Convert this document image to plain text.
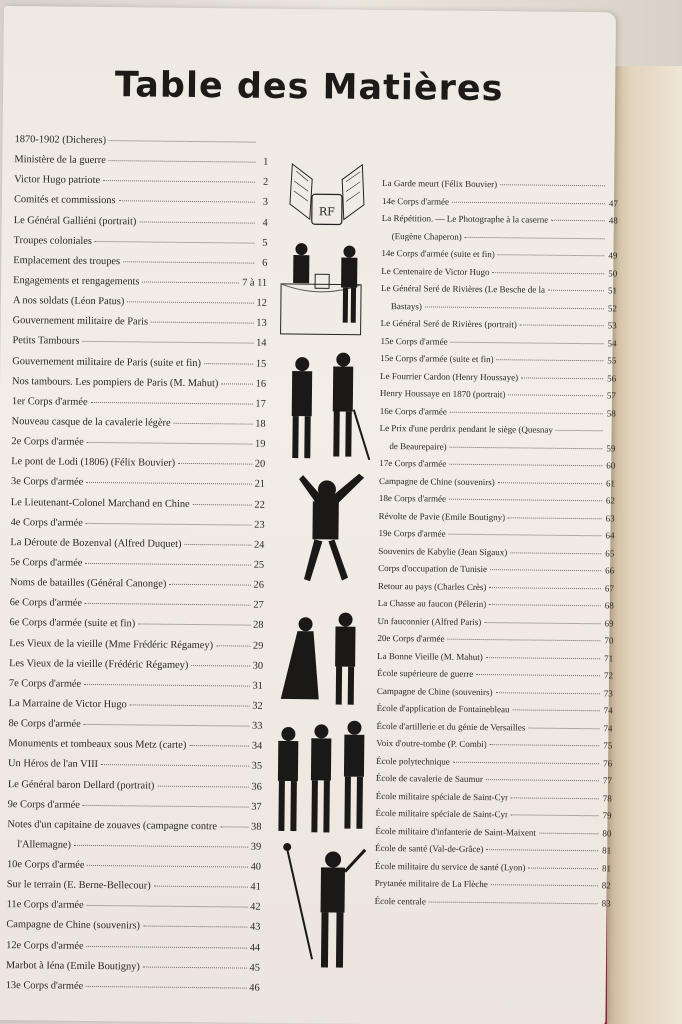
Table des Matières
1870-1902 (Dicheres)
Ministère de la guerre	1
Victor Hugo patriote	2
Comités et commissions	3
Le Général Galliéni (portrait)	4
Troupes coloniales	5
Emplacement des troupes	6
Engagements et rengagements	7 à 11
A nos soldats (Léon Patus)	12
Gouvernement militaire de Paris	13
Petits Tambours	14
Gouvernement militaire de Paris (suite et fin)	15
Nos tambours. Les pompiers de Paris (M. Mahut)	16
1er Corps d'armée	17
Nouveau casque de la cavalerie légère	18
2e Corps d'armée	19
Le pont de Lodi (1806) (Félix Bouvier)	20
3e Corps d'armée	21
Le Lieutenant-Colonel Marchand en Chine	22
4e Corps d'armée	23
La Déroute de Bozenval (Alfred Duquet)	24
5e Corps d'armée	25
Noms de batailles (Général Canonge)	26
6e Corps d'armée	27
6e Corps d'armée (suite et fin)	28
Les Vieux de la vieille (Mme Frédéric Régamey)	29
Les Vieux de la vieille (Frédéric Régamey)	30
7e Corps d'armée	31
La Marraine de Victor Hugo	32
8e Corps d'armée	33
Monuments et tombeaux sous Metz (carte)	34
Un Héros de l'an VIII	35
Le Général baron Dellard (portrait)	36
9e Corps d'armée	37
Notes d'un capitaine de zouaves (campagne contre	38
l'Allemagne)	39
10e Corps d'armée	40
Sur le terrain (E. Berne-Bellecour)	41
11e Corps d'armée	42
Campagne de Chine (souvenirs)	43
12e Corps d'armée	44
Marbot à Iéna (Emile Boutigny)	45
13e Corps d'armée	46
La Garde meurt (Félix Bouvier)
14e Corps d'armée	47
La Répétition. — Le Photographe à la caserne	48
(Eugène Chaperon)
14e Corps d'armée (suite et fin)	49
Le Centenaire de Victor Hugo	50
Le Général Seré de Rivières (Le Besche de la	51
Bastays)	52
Le Général Seré de Rivières (portrait)	53
15e Corps d'armée	54
15e Corps d'armée (suite et fin)	55
Le Fourrier Cardon (Henry Houssaye)	56
Henry Houssaye en 1870 (portrait)	57
16e Corps d'armée	58
Le Prix d'une perdrix pendant le siège (Quesnay
de Beaurepaire)	59
17e Corps d'armée	60
Campagne de Chine (souvenirs)	61
18e Corps d'armée	62
Révolte de Pavie (Emile Boutigny)	63
19e Corps d'armée	64
Souvenirs de Kabylie (Jean Sigaux)	65
Corps d'occupation de Tunisie	66
Retour au pays (Charles Crès)	67
La Chasse au faucon (Pélerin)	68
Un fauconnier (Alfred Paris)	69
20e Corps d'armée	70
La Bonne Vieille (M. Mahut)	71
École supérieure de guerre	72
Campagne de Chine (souvenirs)	73
École d'application de Fontainebleau	74
École d'artillerie et du génie de Versailles	74
Voix d'outre-tombe (P. Combi)	75
École polytechnique	76
École de cavalerie de Saumur	77
École militaire spéciale de Saint-Cyr	78
École militaire spéciale de Saint-Cyr	79
École militaire d'infanterie de Saint-Maixent	80
École de santé (Val-de-Grâce)	81
École militaire du service de santé (Lyon)	81
Prytanée militaire de La Flèche	82
École centrale	83
RF
